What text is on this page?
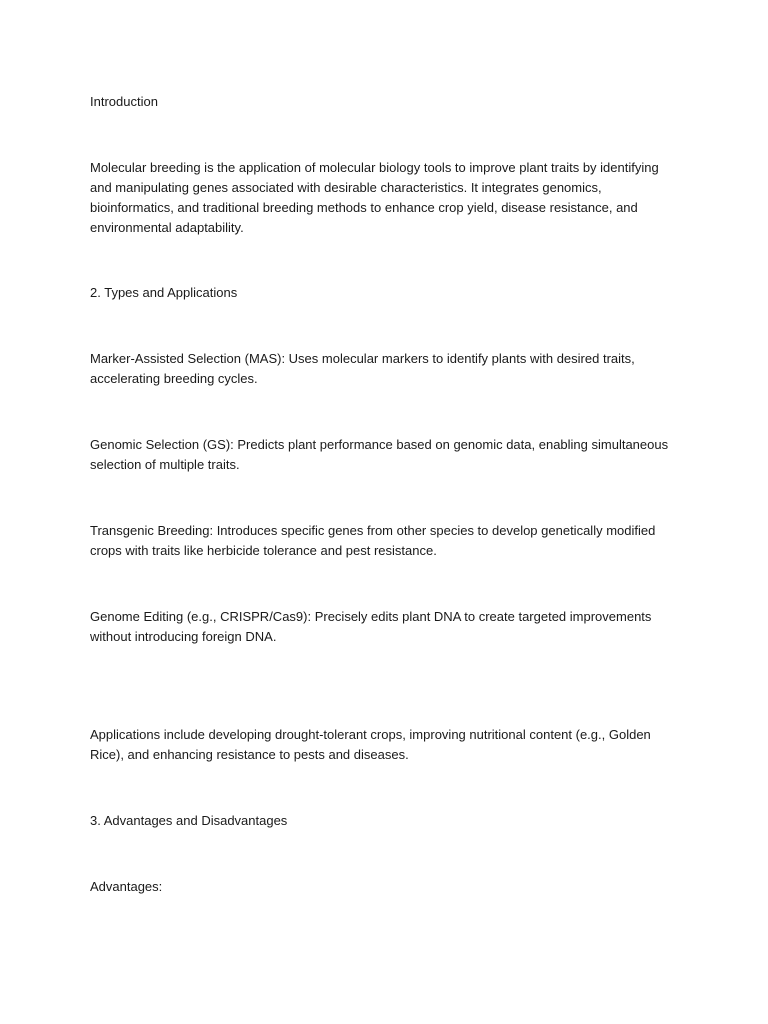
Introduction

Molecular breeding is the application of molecular biology tools to improve plant traits by identifying and manipulating genes associated with desirable characteristics. It integrates genomics, bioinformatics, and traditional breeding methods to enhance crop yield, disease resistance, and environmental adaptability.

2. Types and Applications

Marker-Assisted Selection (MAS): Uses molecular markers to identify plants with desired traits, accelerating breeding cycles.

Genomic Selection (GS): Predicts plant performance based on genomic data, enabling simultaneous selection of multiple traits.

Transgenic Breeding: Introduces specific genes from other species to develop genetically modified crops with traits like herbicide tolerance and pest resistance.

Genome Editing (e.g., CRISPR/Cas9): Precisely edits plant DNA to create targeted improvements without introducing foreign DNA.

Applications include developing drought-tolerant crops, improving nutritional content (e.g., Golden Rice), and enhancing resistance to pests and diseases.

3. Advantages and Disadvantages

Advantages:
